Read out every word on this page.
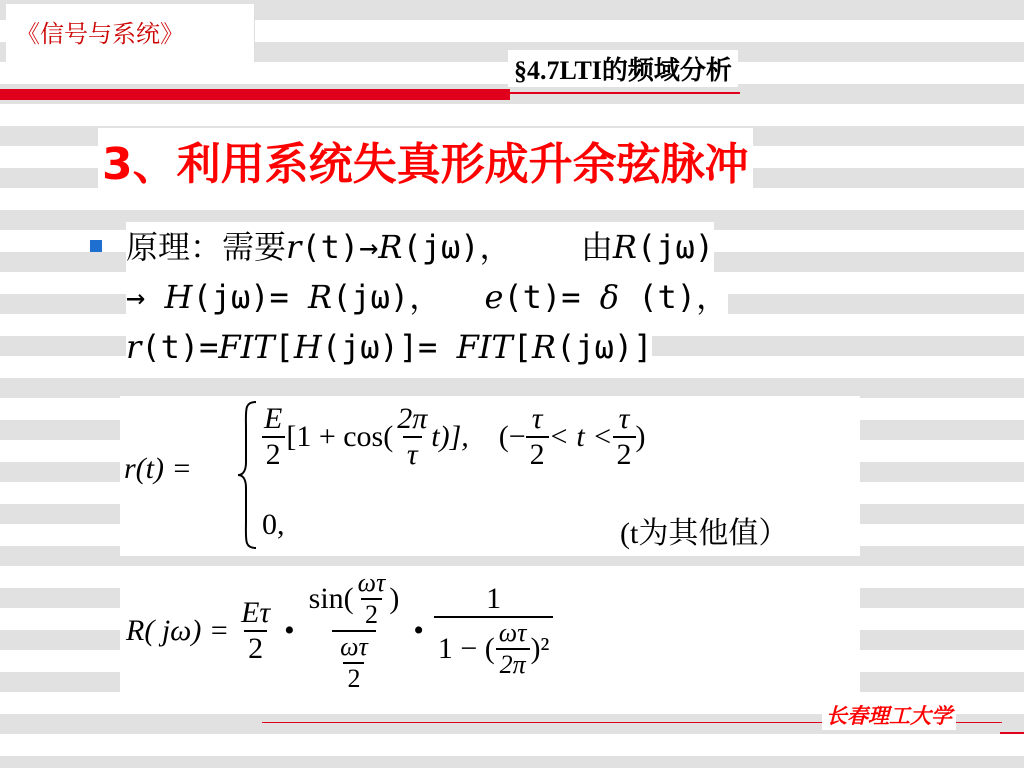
《信号与系统》
§4.7LTI的频域分析
3、利用系统失真形成升余弦脉冲
原理：需要r(t)→R(jω)， 由R(jω)
→ H(jω)= R(jω)， e(t)= δ (t)，
r(t)=FIT[H(jω)]= FIT[R(jω)]
$r(t) = \frac{E}{2} [1 + \cos( \frac{2\pi}{\tau} t)]$, (− $\frac{\tau}{2} < t < \frac{\tau}{2}$ )
0,	(t为其他值）
R( $j\omega) = \frac{E\tau}{2}$ • $\frac{\sin( \frac{\omega\tau}{2} )}{\frac{\omega\tau}{2}}$ • $\frac{1}{1 - ( \frac{\omega\tau}{2\pi} )^2}$
长春理工大学
